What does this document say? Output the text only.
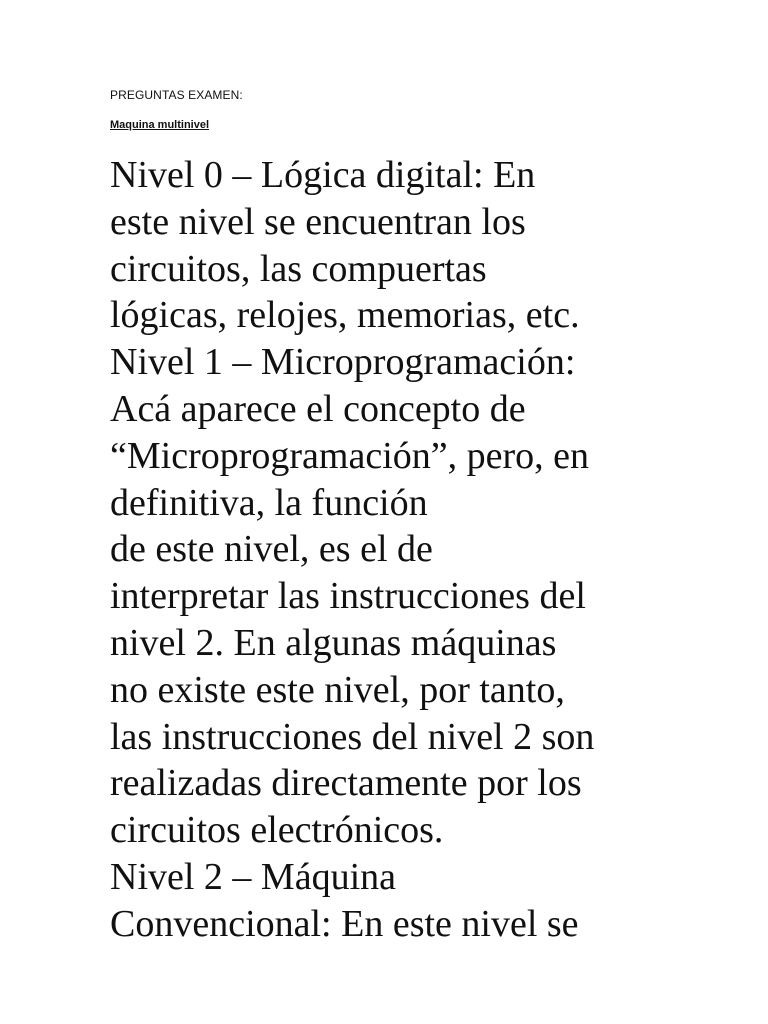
PREGUNTAS EXAMEN:
Maquina multinivel
Nivel 0 – Lógica digital: En
este nivel se encuentran los
circuitos, las compuertas
lógicas, relojes, memorias, etc.
Nivel 1 – Microprogramación:
Acá aparece el concepto de
“Microprogramación”, pero, en
definitiva, la función
de este nivel, es el de
interpretar las instrucciones del
nivel 2. En algunas máquinas
no existe este nivel, por tanto,
las instrucciones del nivel 2 son
realizadas directamente por los
circuitos electrónicos.
Nivel 2 – Máquina
Convencional: En este nivel se
